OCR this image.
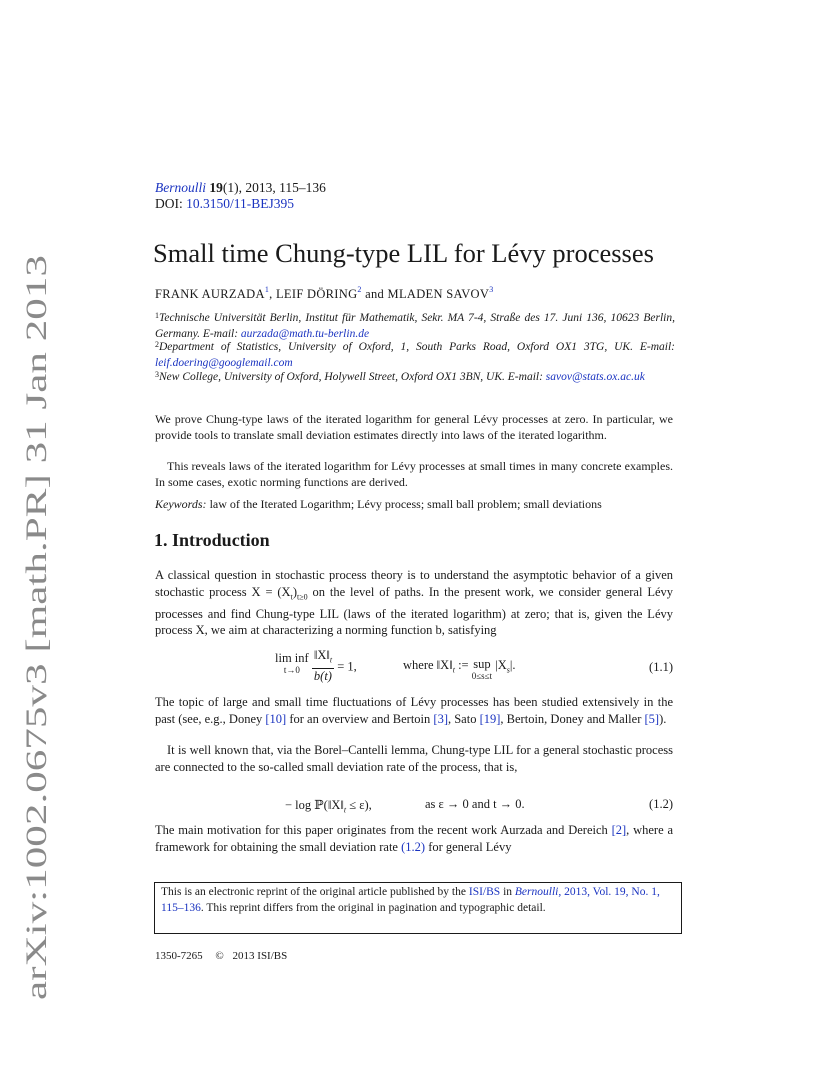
arXiv:1002.0675v3 [math.PR] 31 Jan 2013
Bernoulli 19(1), 2013, 115–136
DOI: 10.3150/11-BEJ395
Small time Chung-type LIL for Lévy processes
FRANK AURZADA$^1$, LEIF DÖRING$^2$ and MLADEN SAVOV$^3$
$^1$Technische Universität Berlin, Institut für Mathematik, Sekr. MA 7-4, Straße des 17. Juni 136, 10623 Berlin, Germany. E-mail: aurzada@math.tu-berlin.de
$^2$Department of Statistics, University of Oxford, 1, South Parks Road, Oxford OX1 3TG, UK. E-mail: leif.doering@googlemail.com
$^3$New College, University of Oxford, Holywell Street, Oxford OX1 3BN, UK. E-mail: savov@stats.ox.ac.uk
We prove Chung-type laws of the iterated logarithm for general Lévy processes at zero. In particular, we provide tools to translate small deviation estimates directly into laws of the iterated logarithm.
This reveals laws of the iterated logarithm for Lévy processes at small times in many concrete examples. In some cases, exotic norming functions are derived.
Keywords: law of the Iterated Logarithm; Lévy process; small ball problem; small deviations
1. Introduction
A classical question in stochastic process theory is to understand the asymptotic behavior of a given stochastic process $X = (X_t)_{t\ge 0}$ on the level of paths. In the present work, we consider general Lévy processes and find Chung-type LIL (laws of the iterated logarithm) at zero; that is, given the Lévy process X, we aim at characterizing a norming function b, satisfying
lim inf
t→0
$\frac{‖X‖_t}{b(t)} = 1$,	where $‖X‖_t$ := sup
0≤s≤t
$|X_s|$.	(1.1)
The topic of large and small time fluctuations of Lévy processes has been studied extensively in the past (see, e.g., Doney [10] for an overview and Bertoin [3], Sato [19], Bertoin, Doney and Maller [5]).
It is well known that, via the Borel–Cantelli lemma, Chung-type LIL for a general stochastic process are connected to the so-called small deviation rate of the process, that is,
− $\log ℙ(‖X‖_t \le \varepsilon)$,	as ε → 0 and t → 0.	(1.2)
The main motivation for this paper originates from the recent work Aurzada and Dereich [2], where a framework for obtaining the small deviation rate (1.2) for general Lévy
This is an electronic reprint of the original article published by the ISI/BS in Bernoulli, 2013, Vol. 19, No. 1, 115–136. This reprint differs from the original in pagination and typographic detail.
1350-7265 © 2013 ISI/BS
